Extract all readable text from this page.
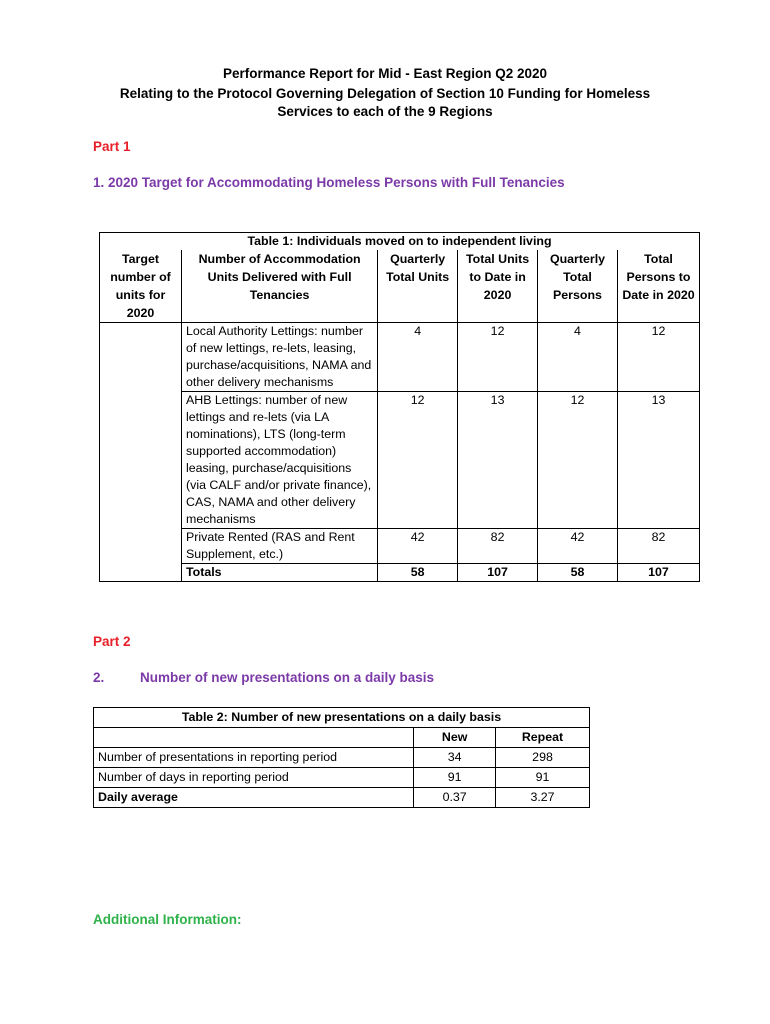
Performance Report for Mid - East Region Q2 2020
Relating to the Protocol Governing Delegation of Section 10 Funding for Homeless
Services to each of the 9 Regions
Part 1
1. 2020 Target for Accommodating Homeless Persons with Full Tenancies
Table 1: Individuals moved on to independent living					
Target number of units for 2020	Number of Accommodation Units Delivered with Full Tenancies	Quarterly Total Units	Total Units to Date in 2020	Quarterly Total Persons	Total Persons to Date in 2020
	Local Authority Lettings: number of new lettings, re-lets, leasing, purchase/acquisitions, NAMA and other delivery mechanisms	4	12	4	12
	AHB Lettings: number of new lettings and re-lets (via LA nominations), LTS (long-term supported accommodation) leasing, purchase/acquisitions (via CALF and/or private finance), CAS, NAMA and other delivery mechanisms	12	13	12	13
	Private Rented (RAS and Rent Supplement, etc.)	42	82	42	82
	Totals	58	107	58	107
Part 2
2.	Number of new presentations on a daily basis
Table 2: Number of new presentations on a daily basis		
	New	Repeat
Number of presentations in reporting period	34	298
Number of days in reporting period	91	91
Daily average	0.37	3.27
Additional Information:
